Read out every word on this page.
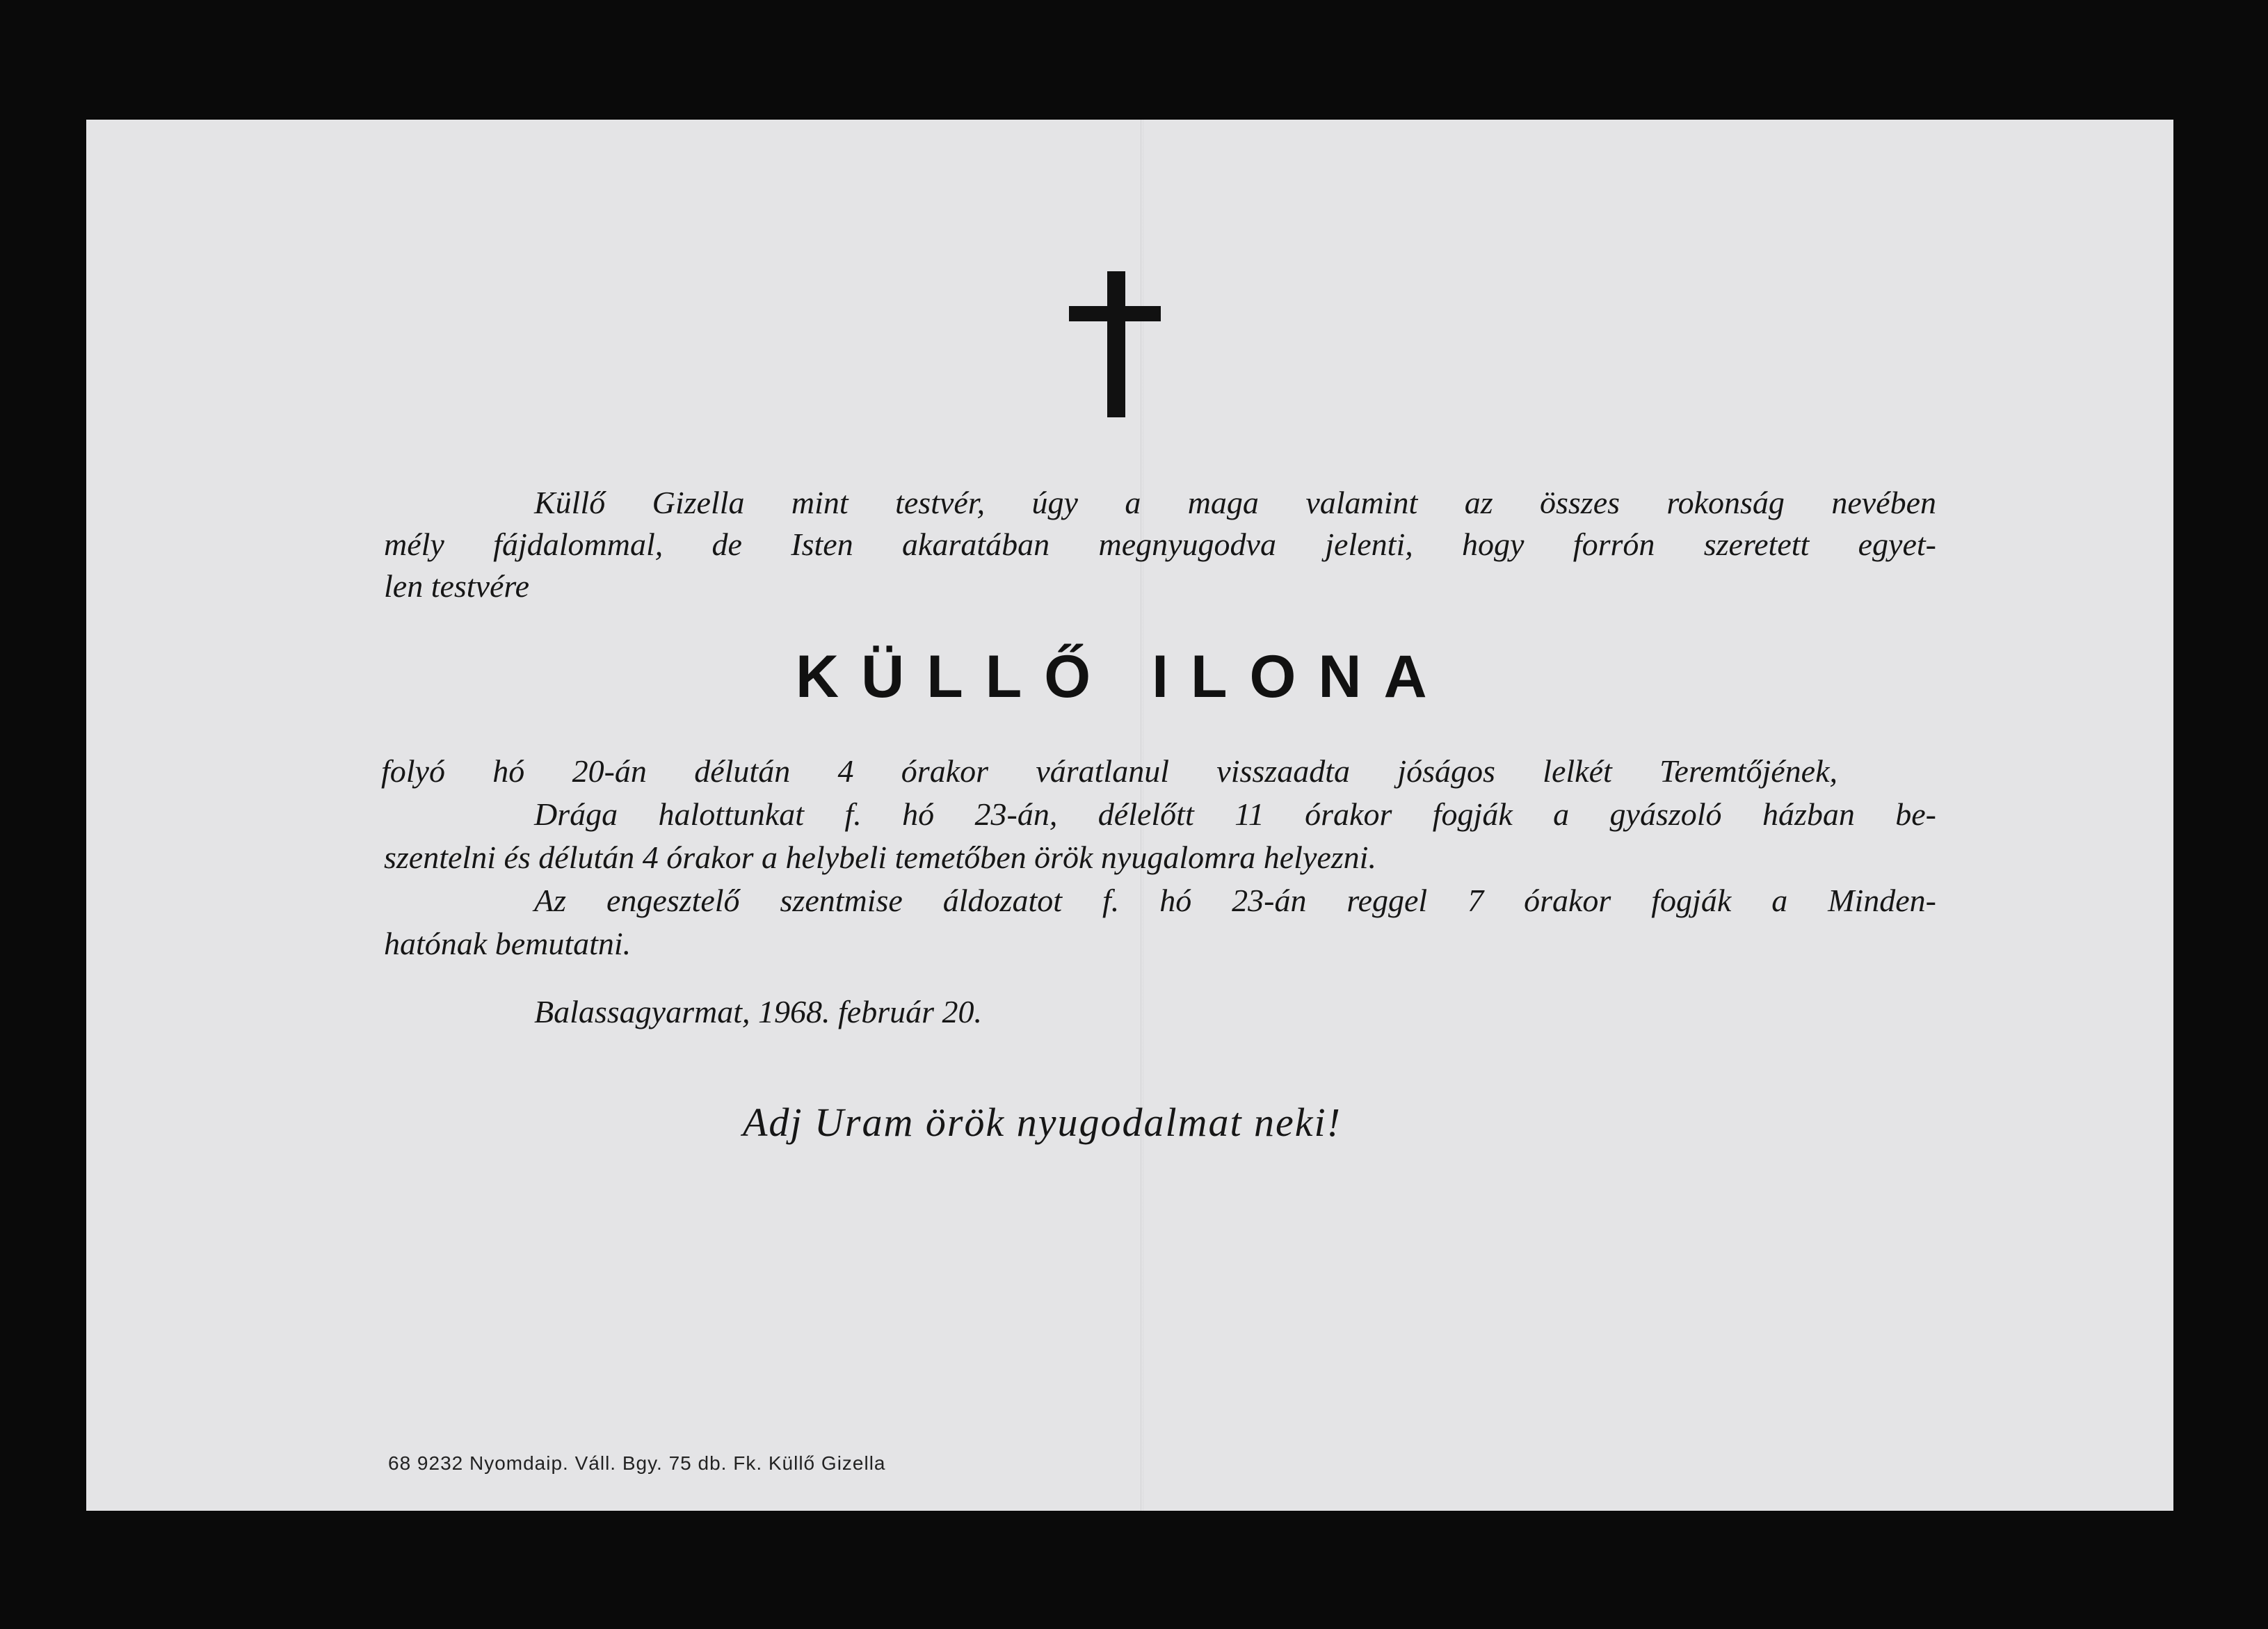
Küllő Gizella mint testvér, úgy a maga valamint az összes rokonság nevében
mély fájdalommal, de Isten akaratában megnyugodva jelenti, hogy forrón szeretett egyet-
len testvére
KÜLLŐ ILONA
folyó hó 20-án délután 4 órakor váratlanul visszaadta jóságos lelkét Teremtőjének,
Drága halottunkat f. hó 23-án, délelőtt 11 órakor fogják a gyászoló házban be-
szentelni és délután 4 órakor a helybeli temetőben örök nyugalomra helyezni.
Az engesztelő szentmise áldozatot f. hó 23-án reggel 7 órakor fogják a Minden-
hatónak bemutatni.
Balassagyarmat, 1968. február 20.
Adj Uram örök nyugodalmat neki!
68 9232 Nyomdaip. Váll. Bgy. 75 db. Fk. Küllő Gizella
